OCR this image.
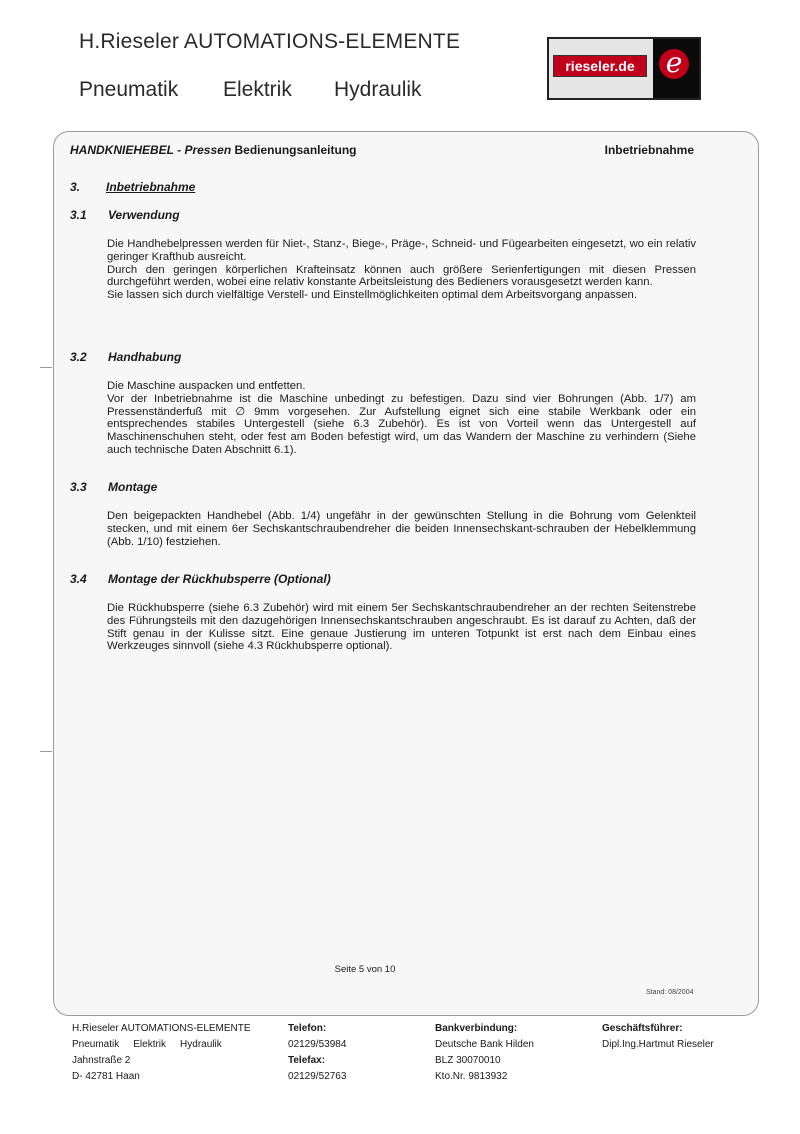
H.Rieseler AUTOMATIONS-ELEMENTE
Pneumatik Elektrik Hydraulik
rieseler.de	e
HANDKNIEHEBEL - Pressen Bedienungsanleitung	Inbetriebnahme
3. Inbetriebnahme
3.1 Verwendung
Die Handhebelpressen werden für Niet-, Stanz-, Biege-, Präge-, Schneid- und Fügearbeiten eingesetzt, wo ein relativ geringer Krafthub ausreicht.
Durch den geringen körperlichen Krafteinsatz können auch größere Serienfertigungen mit diesen Pressen durchgeführt werden, wobei eine relativ konstante Arbeitsleistung des Bedieners vorausgesetzt werden kann.
Sie lassen sich durch vielfältige Verstell- und Einstellmöglichkeiten optimal dem Arbeitsvorgang anpassen.
3.2 Handhabung
Die Maschine auspacken und entfetten.
Vor der Inbetriebnahme ist die Maschine unbedingt zu befestigen. Dazu sind vier Bohrungen (Abb. 1/7) am Pressenständerfuß mit ∅ 9mm vorgesehen. Zur Aufstellung eignet sich eine stabile Werkbank oder ein entsprechendes stabiles Untergestell (siehe 6.3 Zubehör). Es ist von Vorteil wenn das Untergestell auf Maschinenschuhen steht, oder fest am Boden befestigt wird, um das Wandern der Maschine zu verhindern (Siehe auch technische Daten Abschnitt 6.1).
3.3 Montage
Den beigepackten Handhebel (Abb. 1/4) ungefähr in der gewünschten Stellung in die Bohrung vom Gelenkteil stecken, und mit einem 6er Sechskantschraubendreher die beiden Innensechskant-schrauben der Hebelklemmung (Abb. 1/10) festziehen.
3.4 Montage der Rückhubsperre (Optional)
Die Rückhubsperre (siehe 6.3 Zubehör) wird mit einem 5er Sechskantschraubendreher an der rechten Seitenstrebe des Führungsteils mit den dazugehörigen Innensechskantschrauben angeschraubt. Es ist darauf zu Achten, daß der Stift genau in der Kulisse sitzt. Eine genaue Justierung im unteren Totpunkt ist erst nach dem Einbau eines Werkzeuges sinnvoll (siehe 4.3 Rückhubsperre optional).
Seite 5 von 10
Stand: 08/2004
H.Rieseler AUTOMATIONS-ELEMENTE
Pneumatik Elektrik Hydraulik
Jahnstraße 2
D- 42781 Haan
Telefon:
02129/53984
Telefax:
02129/52763
Bankverbindung:
Deutsche Bank Hilden
BLZ 30070010
Kto.Nr. 9813932
Geschäftsführer:
Dipl.Ing.Hartmut Rieseler
